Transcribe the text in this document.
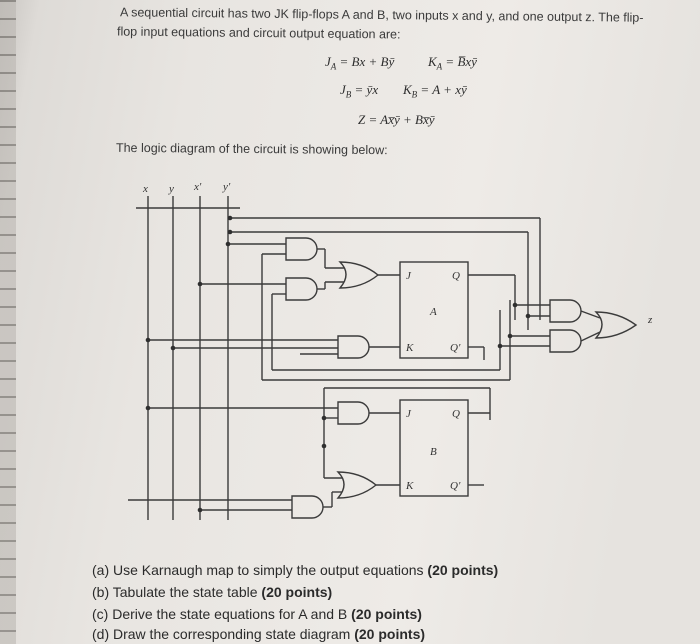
A sequential circuit has two JK flip-flops A and B, two inputs x and y, and one output z. The flip-
flop input equations and circuit output equation are:
$J_A = Bx$ + Bȳ	$K_A$ = B̅xȳ
$J_B$ = ȳx $K_B = A$ + xȳ
Z = Ax̅ȳ + Bx̅ȳ
The logic diagram of the circuit is showing below:
x y x' y'
J
K
Q
Q'
A
J
K
Q
Q'
B
z
(a) Use Karnaugh map to simply the output equations (20 points)
(b) Tabulate the state table (20 points)
(c) Derive the state equations for A and B (20 points)
(d) Draw the corresponding state diagram (20 points)
